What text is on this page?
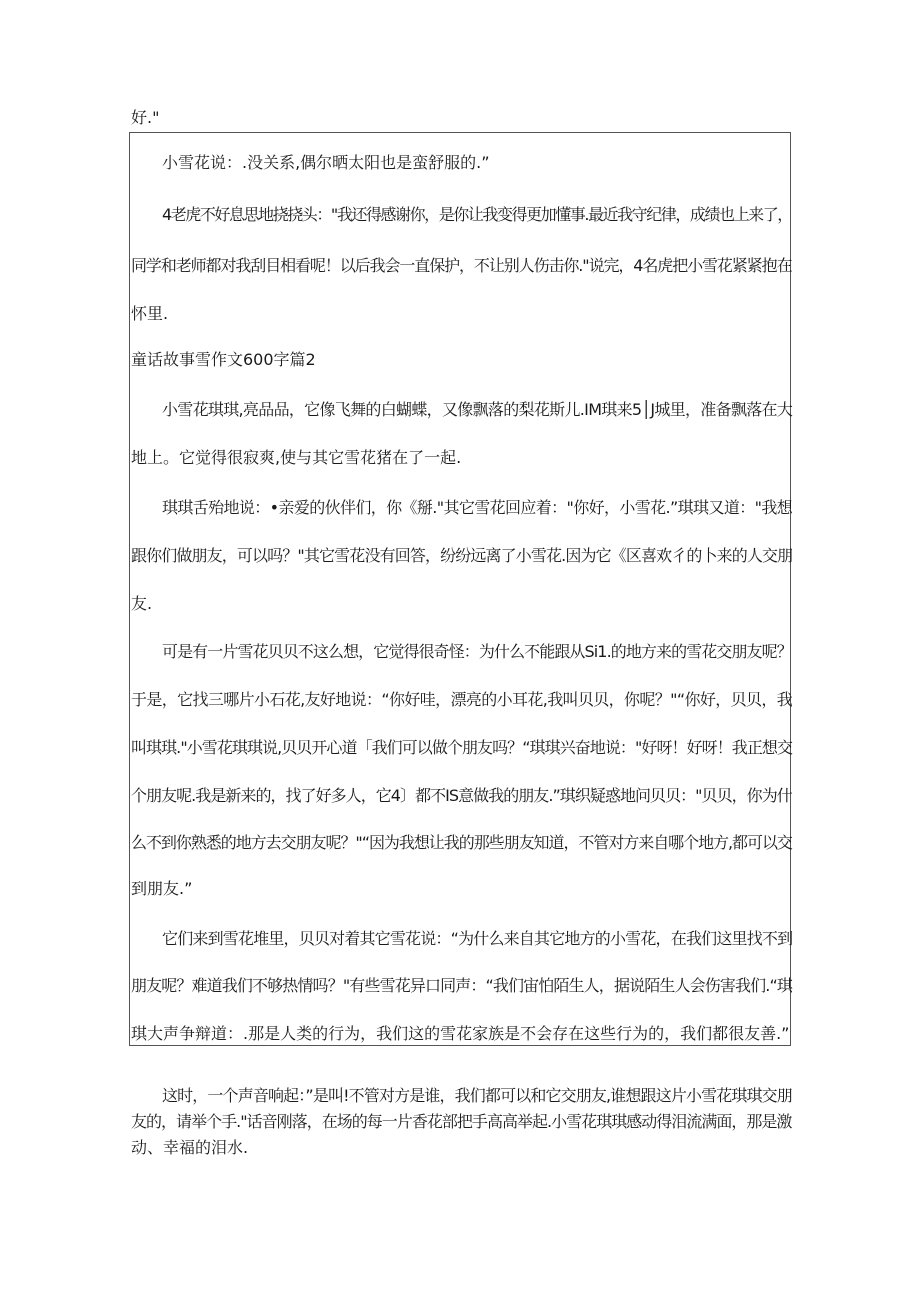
好."
小雪花说：.没关系,偶尔晒太阳也是蛮舒服的.”
4老虎不好息思地挠挠头："我还得感谢你，是你让我变得更加懂事.最近我守纪律，成绩也上来了，
同学和老师都对我刮目相看呢！以后我会一直保护，不让别人伤击你."说完，4名虎把小雪花紧紧抱在
怀里.
童话故事雪作文600字篇2
小雪花琪琪,亮品品，它像飞舞的白蝴蝶，又像飘落的梨花斯儿.IM琪来5│J城里，准备飘落在大
地上。它觉得很寂爽,使与其它雪花猪在了一起.
琪琪舌殆地说：•亲爱的伙伴们，你《掰."其它雪花回应着："你好，小雪花.”琪琪又道："我想
跟你们做朋友，可以吗？"其它雪花没有回答，纷纷远离了小雪花.因为它《区喜欢彳的卜来的人交朋
友.
可是有一片雪花贝贝不这么想，它觉得很奇怪：为什么不能跟从Si1.的地方来的雪花交朋友呢？
于是，它找三哪片小石花,友好地说：“你好哇，漂亮的小耳花,我叫贝贝，你呢？"“你好，贝贝，我
叫琪琪."小雪花琪琪说,贝贝开心道「我们可以做个朋友吗？“琪琪兴奋地说："好呀！好呀！我正想交
个朋友呢.我是新来的，找了好多人，它4〕都不IS意做我的朋友.”琪织疑惑地问贝贝："贝贝，你为什
么不到你熟悉的地方去交朋友呢？"“因为我想让我的那些朋友知道，不管对方来自哪个地方,都可以交
到朋友.”
它们来到雪花堆里，贝贝对着其它雪花说：“为什么来自其它地方的小雪花，在我们这里找不到
朋友呢？难道我们不够热情吗？"有些雪花异口同声：“我们宙怕陌生人，据说陌生人会伤害我们.“琪
琪大声争辩道：.那是人类的行为，我们这的雪花家族是不会存在这些行为的，我们都很友善.”
这时，一个声音响起：”是叫!不管对方是谁，我们都可以和它交朋友,谁想跟这片小雪花琪琪交朋
友的，请举个手."话音刚落，在场的每一片香花部把手高高举起.小雪花琪琪感动得泪流满面，那是激
动、幸福的泪水.
